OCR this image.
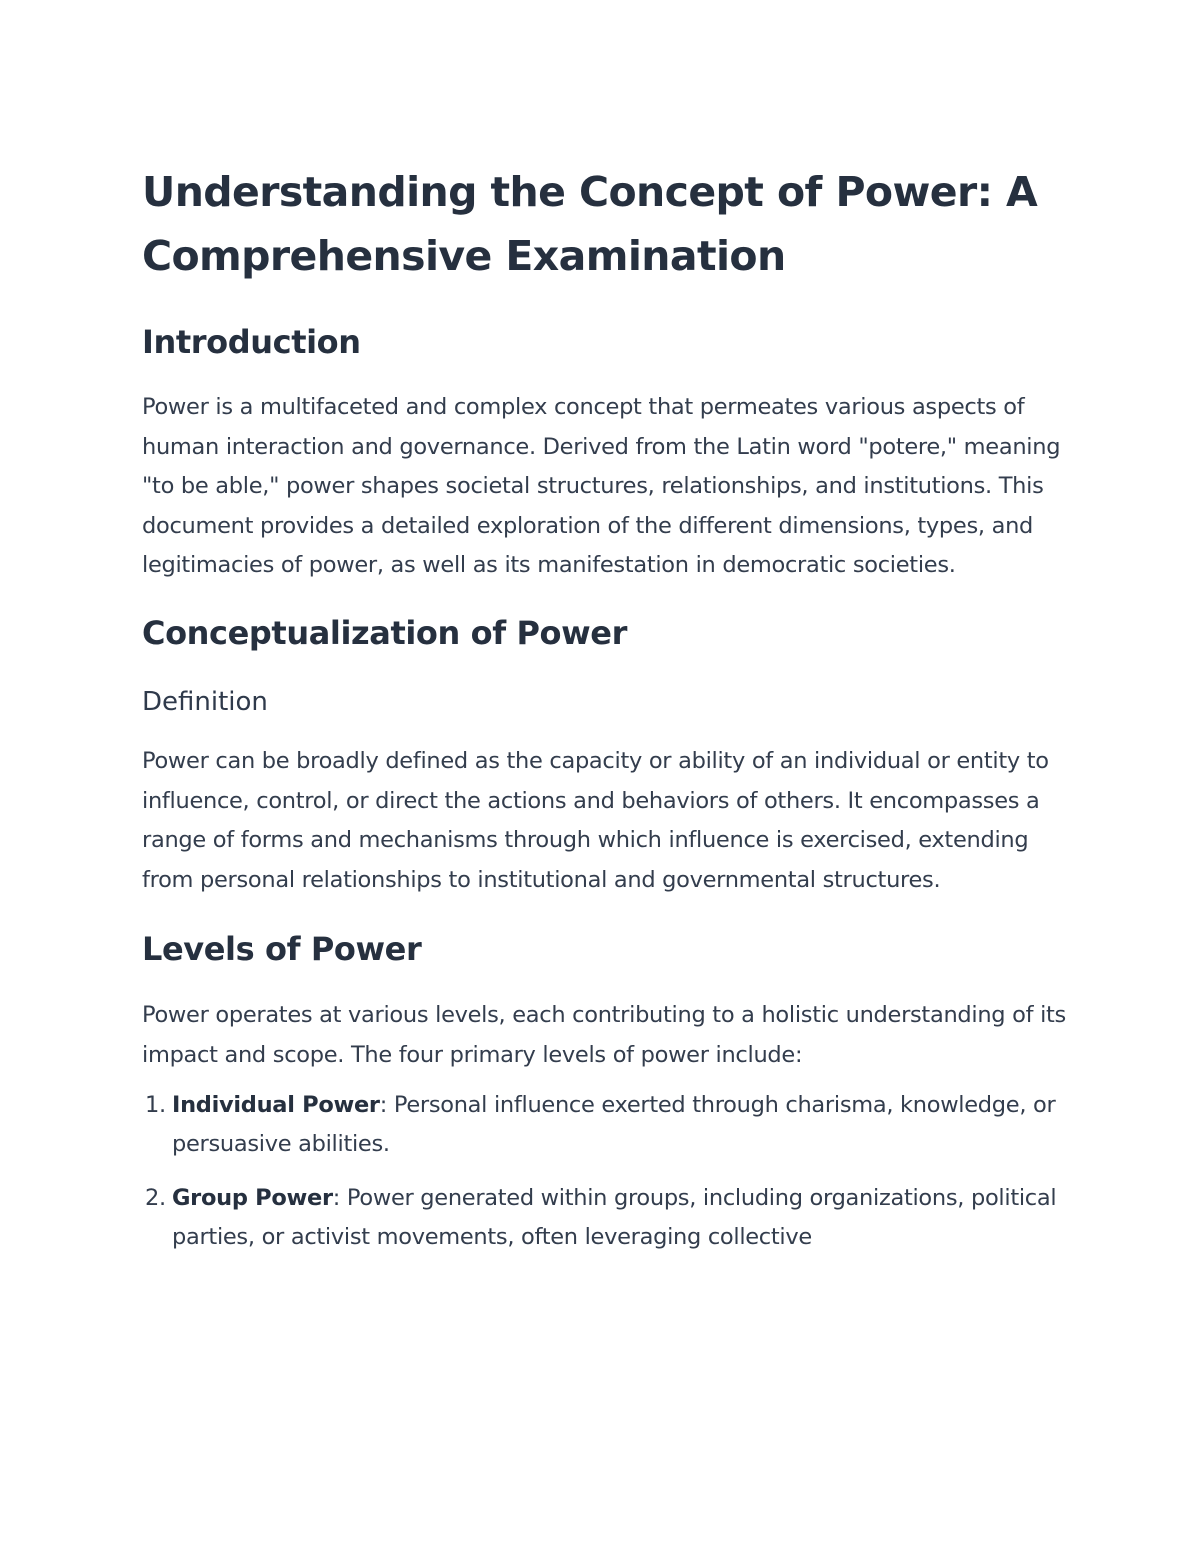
Understanding the Concept of Power: A Comprehensive Examination
Introduction

Power is a multifaceted and complex concept that permeates various aspects of human interaction and governance. Derived from the Latin word "potere," meaning "to be able," power shapes societal structures, relationships, and institutions. This document provides a detailed exploration of the different dimensions, types, and legitimacies of power, as well as its manifestation in democratic societies.

Conceptualization of Power
Definition

Power can be broadly defined as the capacity or ability of an individual or entity to influence, control, or direct the actions and behaviors of others. It encompasses a range of forms and mechanisms through which influence is exercised, extending from personal relationships to institutional and governmental structures.

Levels of Power

Power operates at various levels, each contributing to a holistic understanding of its impact and scope. The four primary levels of power include:

1. Individual Power: Personal influence exerted through charisma, knowledge, or persuasive abilities.
2. Group Power: Power generated within groups, including organizations, political parties, or activist movements, often leveraging collective
